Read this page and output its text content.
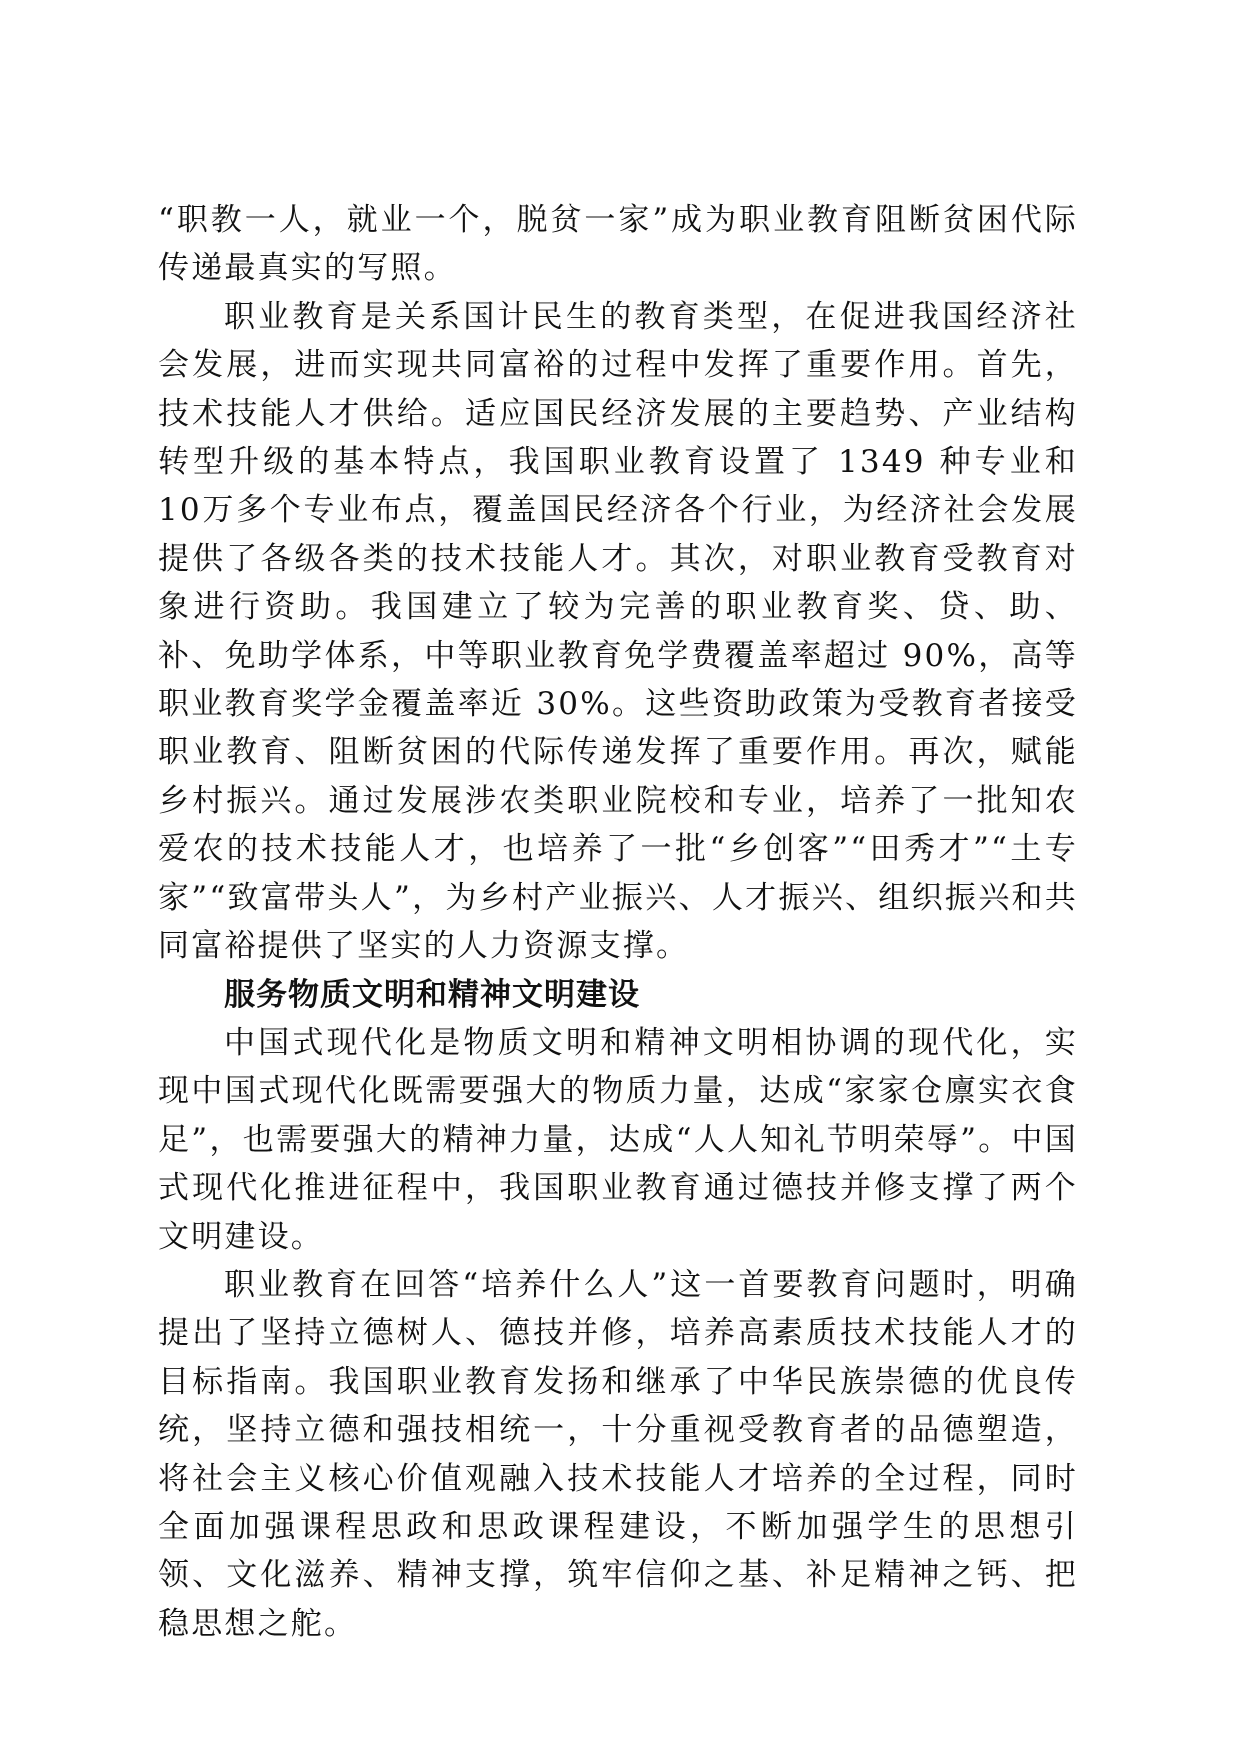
“职教一人，就业一个，脱贫一家”成为职业教育阻断贫困代际传递最真实的写照。

职业教育是关系国计民生的教育类型，在促进我国经济社会发展，进而实现共同富裕的过程中发挥了重要作用。首先，技术技能人才供给。适应国民经济发展的主要趋势、产业结构转型升级的基本特点，我国职业教育设置了 1349 种专业和 10万多个专业布点，覆盖国民经济各个行业，为经济社会发展提供了各级各类的技术技能人才。其次，对职业教育受教育对象进行资助。我国建立了较为完善的职业教育奖、贷、助、补、免助学体系，中等职业教育免学费覆盖率超过 90%，高等职业教育奖学金覆盖率近 30%。这些资助政策为受教育者接受职业教育、阻断贫困的代际传递发挥了重要作用。再次，赋能乡村振兴。通过发展涉农类职业院校和专业，培养了一批知农爱农的技术技能人才，也培养了一批“乡创客”“田秀才”“土专家”“致富带头人”，为乡村产业振兴、人才振兴、组织振兴和共同富裕提供了坚实的人力资源支撑。

服务物质文明和精神文明建设

中国式现代化是物质文明和精神文明相协调的现代化，实现中国式现代化既需要强大的物质力量，达成“家家仓廪实衣食足”，也需要强大的精神力量，达成“人人知礼节明荣辱”。中国式现代化推进征程中，我国职业教育通过德技并修支撑了两个文明建设。

职业教育在回答“培养什么人”这一首要教育问题时，明确提出了坚持立德树人、德技并修，培养高素质技术技能人才的目标指南。我国职业教育发扬和继承了中华民族崇德的优良传统，坚持立德和强技相统一，十分重视受教育者的品德塑造，将社会主义核心价值观融入技术技能人才培养的全过程，同时全面加强课程思政和思政课程建设，不断加强学生的思想引领、文化滋养、精神支撑，筑牢信仰之基、补足精神之钙、把稳思想之舵。
